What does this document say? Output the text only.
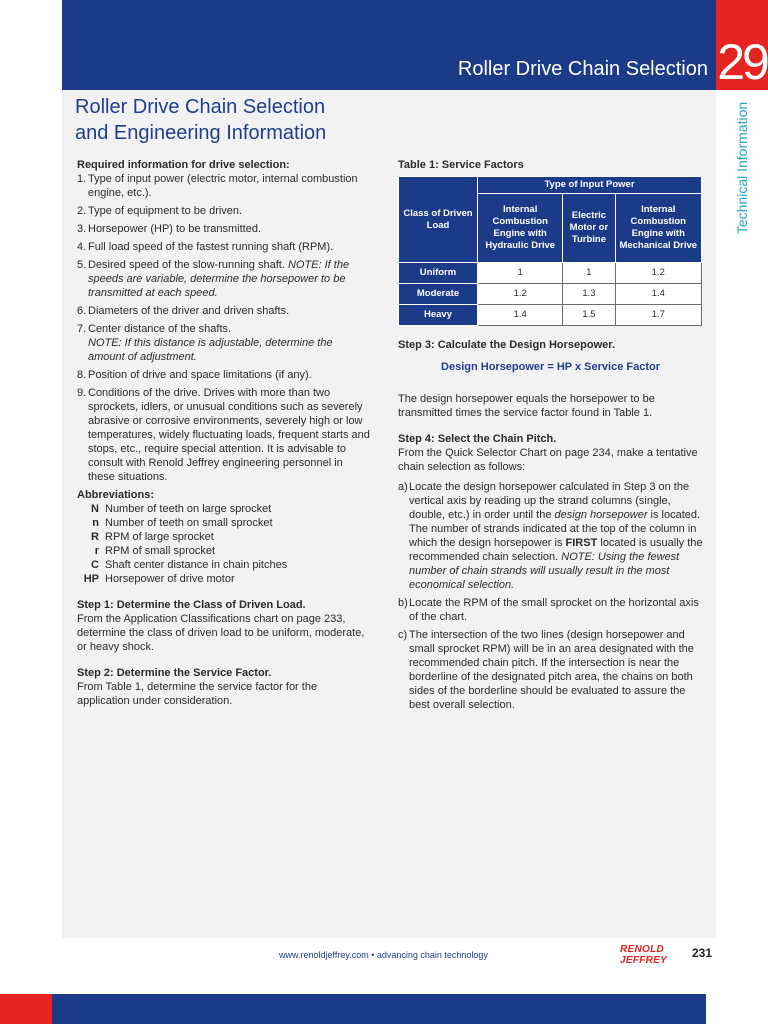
Roller Drive Chain Selection 29
Technical Information
Roller Drive Chain Selection
and Engineering Information
Required information for drive selection:
1. Type of input power (electric motor, internal combustion engine, etc.).
2. Type of equipment to be driven.
3. Horsepower (HP) to be transmitted.
4. Full load speed of the fastest running shaft (RPM).
5. Desired speed of the slow-running shaft. NOTE: If the speeds are variable, determine the horsepower to be transmitted at each speed.
6. Diameters of the driver and driven shafts.
7. Center distance of the shafts.
NOTE: If this distance is adjustable, determine the amount of adjustment.
8. Position of drive and space limitations (if any).
9. Conditions of the drive. Drives with more than two sprockets, idlers, or unusual conditions such as severely abrasive or corrosive environments, severely high or low temperatures, widely fluctuating loads, frequent starts and stops, etc., require special attention. It is advisable to consult with Renold Jeffrey engineering personnel in these situations.
Abbreviations:
N Number of teeth on large sprocket
n Number of teeth on small sprocket
R RPM of large sprocket
r RPM of small sprocket
C Shaft center distance in chain pitches
HP Horsepower of drive motor
Step 1: Determine the Class of Driven Load.
From the Application Classifications chart on page 233, determine the class of driven load to be uniform, moderate, or heavy shock.
Step 2: Determine the Service Factor.
From Table 1, determine the service factor for the application under consideration.
Table 1: Service Factors
Class of Driven Load	Type of Input Power		
	Internal Combustion Engine with Hydraulic Drive	Electric Motor or Turbine	Internal Combustion Engine with Mechanical Drive
Uniform	1	1	1.2
Moderate	1.2	1.3	1.4
Heavy	1.4	1.5	1.7
Step 3: Calculate the Design Horsepower.
Design Horsepower = HP x Service Factor
The design horsepower equals the horsepower to be transmitted times the service factor found in Table 1.
Step 4: Select the Chain Pitch.
From the Quick Selector Chart on page 234, make a tentative chain selection as follows:
a) Locate the design horsepower calculated in Step 3 on the vertical axis by reading up the strand columns (single, double, etc.) in order until the design horsepower is located. The number of strands indicated at the top of the column in which the design horsepower is FIRST located is usually the recommended chain selection. NOTE: Using the fewest number of chain strands will usually result in the most economical selection.
b) Locate the RPM of the small sprocket on the horizontal axis of the chart.
c) The intersection of the two lines (design horsepower and small sprocket RPM) will be in an area designated with the recommended chain pitch. If the intersection is near the borderline of the designated pitch area, the chains on both sides of the borderline should be evaluated to assure the best overall selection.
www.renoldjeffrey.com • advancing chain technology	RENOLD
JEFFREY
231
